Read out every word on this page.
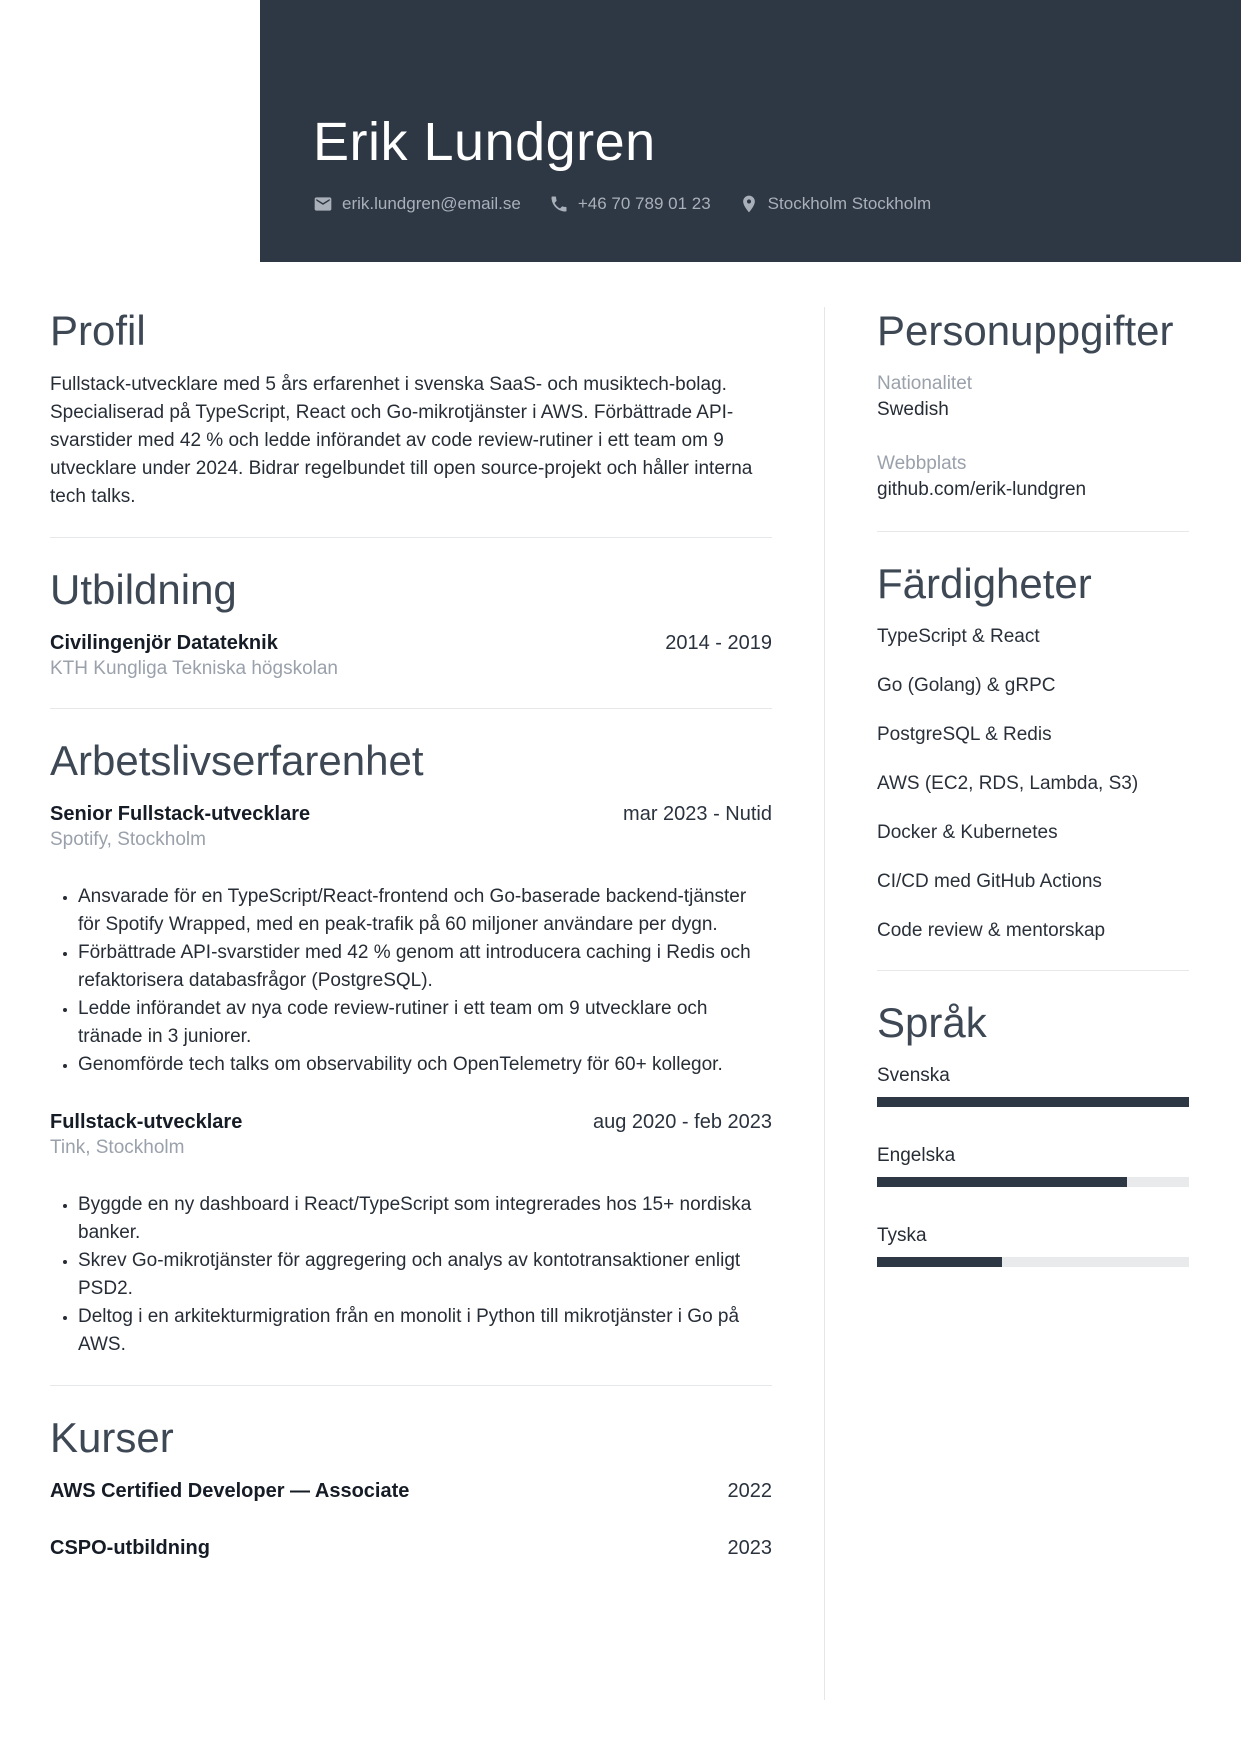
Erik Lundgren
erik.lundgren@email.se	+46 70 789 01 23	Stockholm Stockholm
Profil

Fullstack-utvecklare med 5 års erfarenhet i svenska SaaS- och musiktech-bolag. Specialiserad på TypeScript, React och Go-mikrotjänster i AWS. Förbättrade API-svarstider med 42 % och ledde införandet av code review-rutiner i ett team om 9 utvecklare under 2024. Bidrar regelbundet till open source-projekt och håller interna tech talks.

Utbildning
Civilingenjör Datateknik	2014 - 2019
KTH Kungliga Tekniska högskolan
Arbetslivserfarenhet
Senior Fullstack-utvecklare	mar 2023 - Nutid
Spotify, Stockholm
• Ansvarade för en TypeScript/React-frontend och Go-baserade backend-tjänster för Spotify Wrapped, med en peak-trafik på 60 miljoner användare per dygn.
• Förbättrade API-svarstider med 42 % genom att introducera caching i Redis och refaktorisera databasfrågor (PostgreSQL).
• Ledde införandet av nya code review-rutiner i ett team om 9 utvecklare och tränade in 3 juniorer.
• Genomförde tech talks om observability och OpenTelemetry för 60+ kollegor.
Fullstack-utvecklare	aug 2020 - feb 2023
Tink, Stockholm
• Byggde en ny dashboard i React/TypeScript som integrerades hos 15+ nordiska banker.
• Skrev Go-mikrotjänster för aggregering och analys av kontotransaktioner enligt PSD2.
• Deltog i en arkitekturmigration från en monolit i Python till mikrotjänster i Go på AWS.
Kurser
AWS Certified Developer — Associate	2022
CSPO-utbildning	2023
Personuppgifter
Nationalitet
Swedish
Webbplats
github.com/erik-lundgren
Färdigheter
TypeScript & React
Go (Golang) & gRPC
PostgreSQL & Redis
AWS (EC2, RDS, Lambda, S3)
Docker & Kubernetes
CI/CD med GitHub Actions
Code review & mentorskap
Språk
Svenska
Engelska
Tyska
